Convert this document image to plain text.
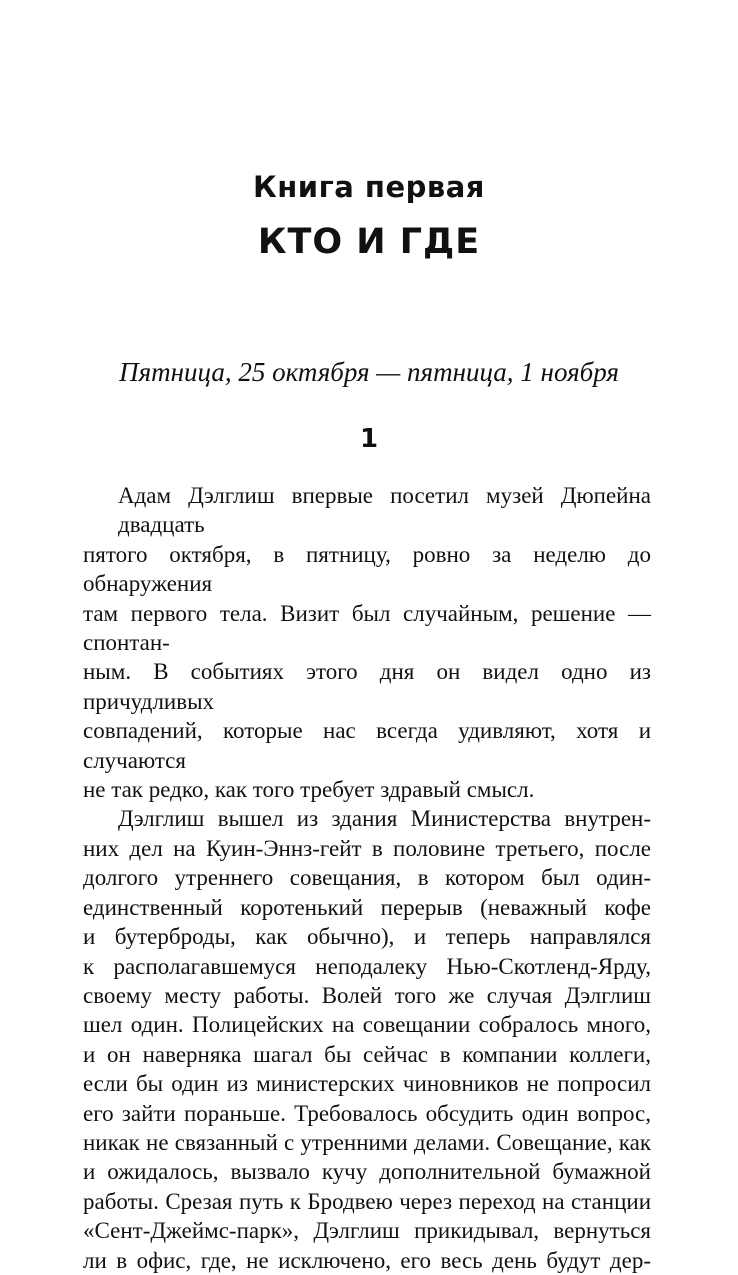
Книга первая
КТО И ГДЕ
Пятница, 25 октября — пятница, 1 ноября
1
Адам Дэлглиш впервые посетил музей Дюпейна двадцать
пятого октября, в пятницу, ровно за неделю до обнаружения
там первого тела. Визит был случайным, решение — спонтан-
ным. В событиях этого дня он видел одно из причудливых
совпадений, которые нас всегда удивляют, хотя и случаются
не так редко, как того требует здравый смысл.
Дэлглиш вышел из здания Министерства внутрен-
них дел на Куин-Эннз-гейт в половине третьего, после
долгого утреннего совещания, в котором был один-
единственный коротенький перерыв (неважный кофе
и бутерброды, как обычно), и теперь направлялся
к располагавшемуся неподалеку Нью-Скотленд-Ярду,
своему месту работы. Волей того же случая Дэлглиш
шел один. Полицейских на совещании собралось много,
и он наверняка шагал бы сейчас в компании коллеги,
если бы один из министерских чиновников не попросил
его зайти пораньше. Требовалось обсудить один вопрос,
никак не связанный с утренними делами. Совещание, как
и ожидалось, вызвало кучу дополнительной бумажной
работы. Срезая путь к Бродвею через переход на станции
«Сент-Джеймс-парк», Дэлглиш прикидывал, вернуться
ли в офис, где, не исключено, его весь день будут дер-
